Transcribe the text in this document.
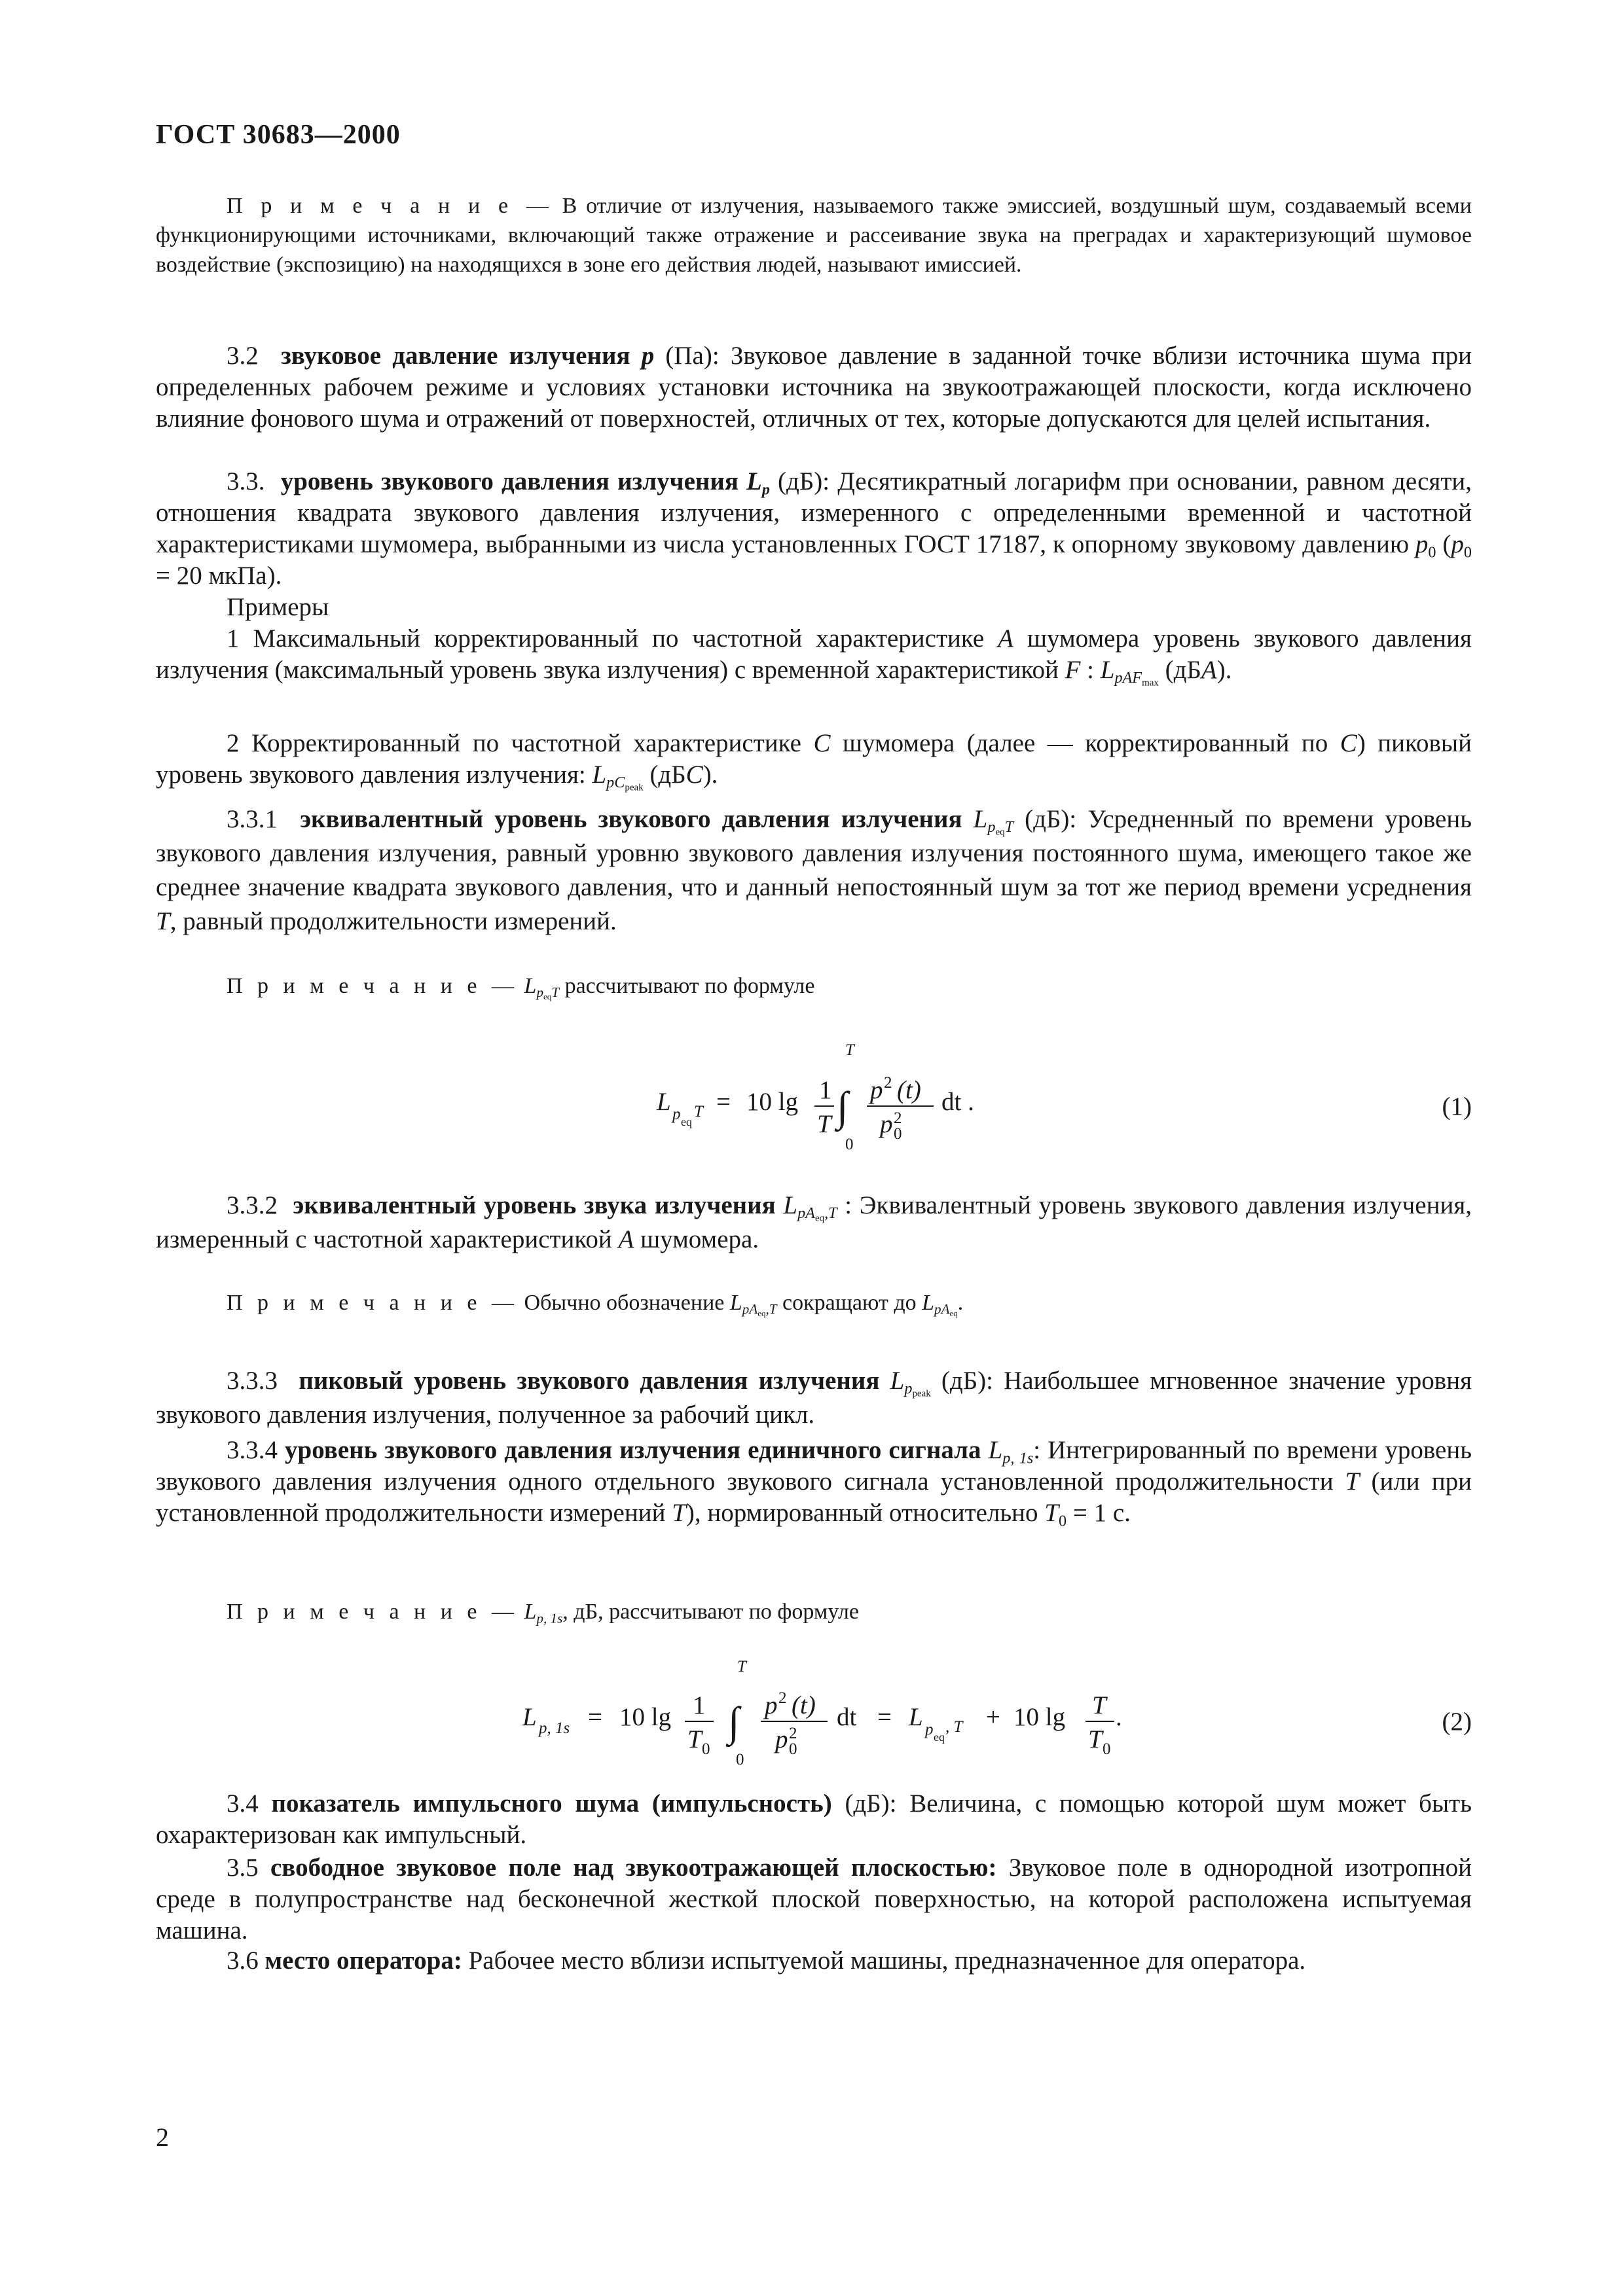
ГОСТ 30683—2000
П р и м е ч а н и е — В отличие от излучения, называемого также эмиссией, воздушный шум, создаваемый всеми функционирующими источниками, включающий также отражение и рассеивание звука на преградах и характеризующий шумовое воздействие (экспозицию) на находящихся в зоне его действия людей, называют имиссией.
3.2 звуковое давление излучения p (Па): Звуковое давление в заданной точке вблизи источника шума при определенных рабочем режиме и условиях установки источника на звукоотражающей плоскости, когда исключено влияние фонового шума и отражений от поверхностей, отличных от тех, которые допускаются для целей испытания.
3.3. уровень звукового давления излучения $L_p$ (дБ): Десятикратный логарифм при основании, равном десяти, отношения квадрата звукового давления излучения, измеренного с определенными временной и частотной характеристиками шумомера, выбранными из числа установленных ГОСТ 17187, к опорному звуковому давлению $p_0$ ($p_0 = 20$ мкПа).
Примеры
1 Максимальный корректированный по частотной характеристике A шумомера уровень звукового давления излучения (максимальный уровень звука излучения) с временной характеристикой F : $L_{pAF_{max}}$ (дБA).
2 Корректированный по частотной характеристике C шумомера (далее — корректированный по C) пиковый уровень звукового давления излучения: $L_{pC_{peak}}$ (дБC).
3.3.1 эквивалентный уровень звукового давления излучения $L_{p_{eq}T}$ (дБ): Усредненный по времени уровень звукового давления излучения, равный уровню звукового давления излучения постоянного шума, имеющего такое же среднее значение квадрата звукового давления, что и данный непостоянный шум за тот же период времени усреднения T, равный продолжительности измерений.
П р и м е ч а н и е — $L_{p_{eq}T}$ рассчитывают по формуле
L p eq
T = 10 lg 1
T
T
∫
0
p 2 (t)
p 2
0
dt .	(1)
3.3.2 эквивалентный уровень звука излучения $L_{pA_{eq},T}$ : Эквивалентный уровень звукового давления излучения, измеренный с частотной характеристикой A шумомера.
П р и м е ч а н и е — Обычно обозначение $L_{pA_{eq},T}$ сокращают до $L_{pA_{eq}}$.
3.3.3 пиковый уровень звукового давления излучения $L_{p_{peak}}$ (дБ): Наибольшее мгновенное значение уровня звукового давления излучения, полученное за рабочий цикл.
3.3.4 уровень звукового давления излучения единичного сигнала $L_{p, 1s}$: Интегрированный по времени уровень звукового давления излучения одного отдельного звукового сигнала установленной продолжительности T (или при установленной продолжительности измерений T), нормированный относительно $T_0 = 1$ с.
П р и м е ч а н и е — $L_{p, 1s}$, дБ, рассчитывают по формуле
L p, 1s = 10 lg 1
T 0
T
∫
0
p 2 (t)
p 2
0
dt = L p eq
, T + 10 lg T
T 0
.	(2)
3.4 показатель импульсного шума (импульсность) (дБ): Величина, с помощью которой шум может быть охарактеризован как импульсный.
3.5 свободное звуковое поле над звукоотражающей плоскостью: Звуковое поле в однородной изотропной среде в полупространстве над бесконечной жесткой плоской поверхностью, на которой расположена испытуемая машина.
3.6 место оператора: Рабочее место вблизи испытуемой машины, предназначенное для оператора.
2
